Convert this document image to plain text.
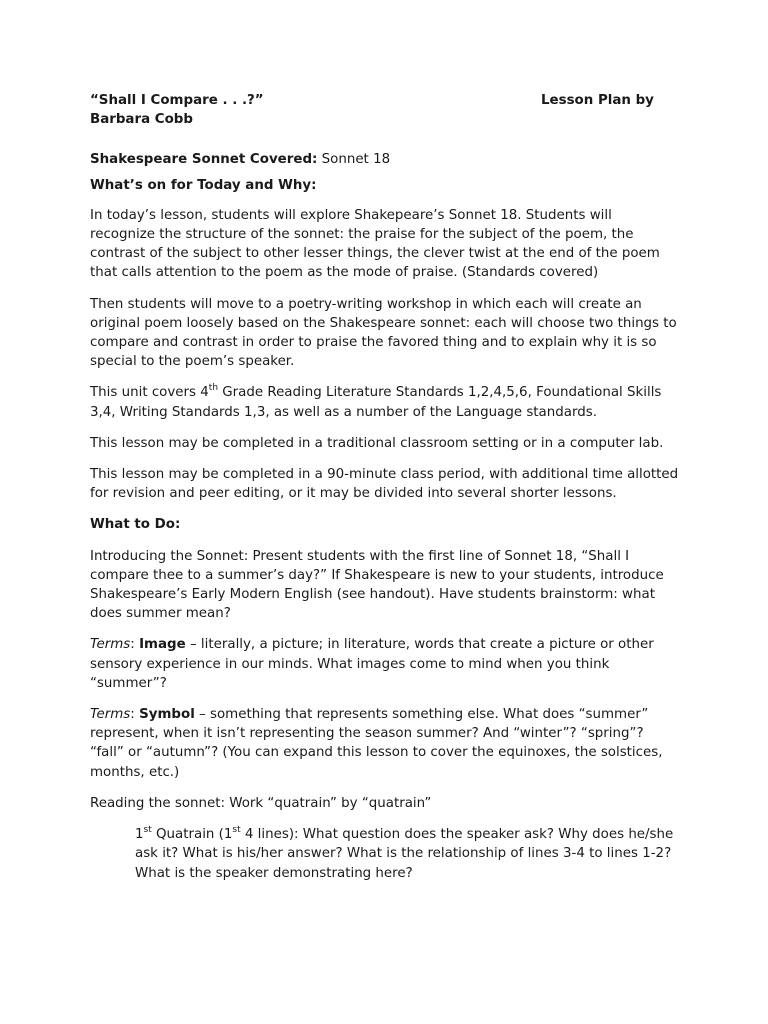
“Shall I Compare . . .?”	Lesson Plan by
Barbara Cobb

Shakespeare Sonnet Covered: Sonnet 18

What’s on for Today and Why:

In today’s lesson, students will explore Shakepeare’s Sonnet 18. Students will recognize the structure of the sonnet: the praise for the subject of the poem, the contrast of the subject to other lesser things, the clever twist at the end of the poem that calls attention to the poem as the mode of praise. (Standards covered)

Then students will move to a poetry-writing workshop in which each will create an original poem loosely based on the Shakespeare sonnet: each will choose two things to compare and contrast in order to praise the favored thing and to explain why it is so special to the poem’s speaker.

This unit covers 4th Grade Reading Literature Standards 1,2,4,5,6, Foundational Skills 3,4, Writing Standards 1,3, as well as a number of the Language standards.

This lesson may be completed in a traditional classroom setting or in a computer lab.

This lesson may be completed in a 90-minute class period, with additional time allotted for revision and peer editing, or it may be divided into several shorter lessons.

What to Do:

Introducing the Sonnet: Present students with the first line of Sonnet 18, “Shall I compare thee to a summer’s day?” If Shakespeare is new to your students, introduce Shakespeare’s Early Modern English (see handout). Have students brainstorm: what does summer mean?

Terms: Image – literally, a picture; in literature, words that create a picture or other sensory experience in our minds. What images come to mind when you think “summer”?

Terms: Symbol – something that represents something else. What does “summer” represent, when it isn’t representing the season summer? And “winter”? “spring”? “fall” or “autumn”? (You can expand this lesson to cover the equinoxes, the solstices, months, etc.)

Reading the sonnet: Work “quatrain” by “quatrain”

1st Quatrain (1st 4 lines): What question does the speaker ask? Why does he/she ask it? What is his/her answer? What is the relationship of lines 3-4 to lines 1-2? What is the speaker demonstrating here?
